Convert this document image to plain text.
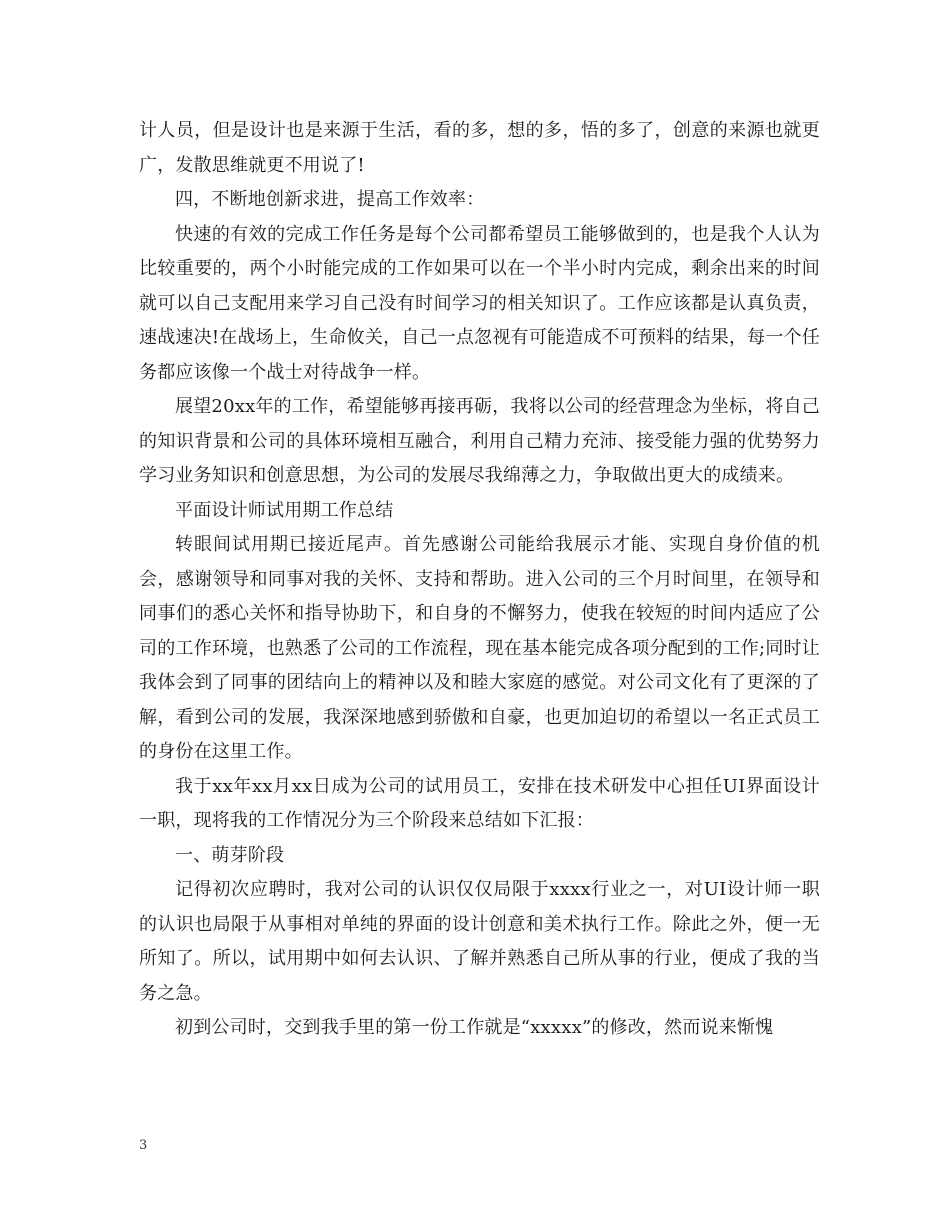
计人员，但是设计也是来源于生活，看的多，想的多，悟的多了，创意的来源也就更广，发散思维就更不用说了!

四，不断地创新求进，提高工作效率：

快速的有效的完成工作任务是每个公司都希望员工能够做到的，也是我个人认为比较重要的，两个小时能完成的工作如果可以在一个半小时内完成，剩余出来的时间就可以自己支配用来学习自己没有时间学习的相关知识了。工作应该都是认真负责，速战速决!在战场上，生命攸关，自己一点忽视有可能造成不可预料的结果，每一个任务都应该像一个战士对待战争一样。

展望20xx年的工作，希望能够再接再砺，我将以公司的经营理念为坐标，将自己的知识背景和公司的具体环境相互融合，利用自己精力充沛、接受能力强的优势努力学习业务知识和创意思想，为公司的发展尽我绵薄之力，争取做出更大的成绩来。

平面设计师试用期工作总结

转眼间试用期已接近尾声。首先感谢公司能给我展示才能、实现自身价值的机会，感谢领导和同事对我的关怀、支持和帮助。进入公司的三个月时间里，在领导和同事们的悉心关怀和指导协助下，和自身的不懈努力，使我在较短的时间内适应了公司的工作环境，也熟悉了公司的工作流程，现在基本能完成各项分配到的工作;同时让我体会到了同事的团结向上的精神以及和睦大家庭的感觉。对公司文化有了更深的了解，看到公司的发展，我深深地感到骄傲和自豪，也更加迫切的希望以一名正式员工的身份在这里工作。

我于xx年xx月xx日成为公司的试用员工，安排在技术研发中心担任UI界面设计一职，现将我的工作情况分为三个阶段来总结如下汇报：

一、萌芽阶段

记得初次应聘时，我对公司的认识仅仅局限于xxxx行业之一，对UI设计师一职的认识也局限于从事相对单纯的界面的设计创意和美术执行工作。除此之外，便一无所知了。所以，试用期中如何去认识、了解并熟悉自己所从事的行业，便成了我的当务之急。

初到公司时，交到我手里的第一份工作就是“xxxxx”的修改，然而说来惭愧

3
